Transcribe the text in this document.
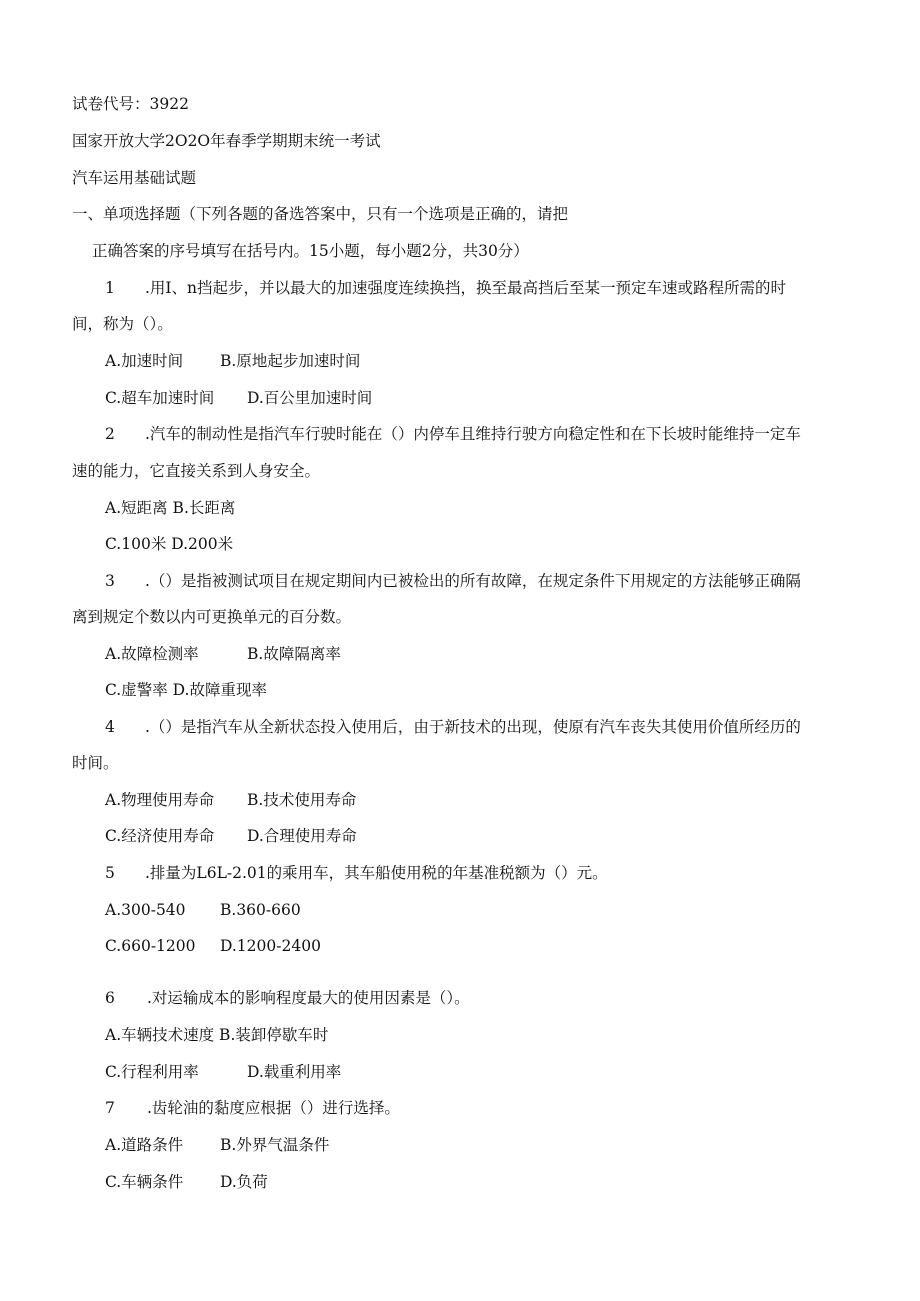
试卷代号：3922
国家开放大学2O2O年春季学期期末统一考试
汽车运用基础试题
一、单项选择题（下列各题的备选答案中，只有一个选项是正确的，请把
正确答案的序号填写在括号内。15小题，每小题2分，共30分）
1 .用I、n挡起步，并以最大的加速强度连续换挡，换至最高挡后至某一预定车速或路程所需的时
间，称为（）。
A.加速时间 B.原地起步加速时间
C.超车加速时间 D.百公里加速时间
2 .汽车的制动性是指汽车行驶时能在（）内停车且维持行驶方向稳定性和在下长坡时能维持一定车
速的能力，它直接关系到人身安全。
A.短距离 B.长距离
C.100米 D.200米
3 .（）是指被测试项目在规定期间内已被检出的所有故障，在规定条件下用规定的方法能够正确隔
离到规定个数以内可更换单元的百分数。
A.故障检测率	B.故障隔离率
C.虚警率 D.故障重现率
4 .（）是指汽车从全新状态投入使用后，由于新技术的出现，使原有汽车丧失其使用价值所经历的
时间。
A.物理使用寿命 B.技术使用寿命
C.经济使用寿命 D.合理使用寿命
5 .排量为L6L-2.01的乘用车，其车船使用税的年基准税额为（）元。
A.300-540 B.360-660
C.660-1200 D.1200-2400
6 .对运输成本的影响程度最大的使用因素是（）。
A.车辆技术速度 B.装卸停歇车时
C.行程利用率	D.载重利用率
7 .齿轮油的黏度应根据（）进行选择。
A.道路条件 B.外界气温条件
C.车辆条件 D.负荷
